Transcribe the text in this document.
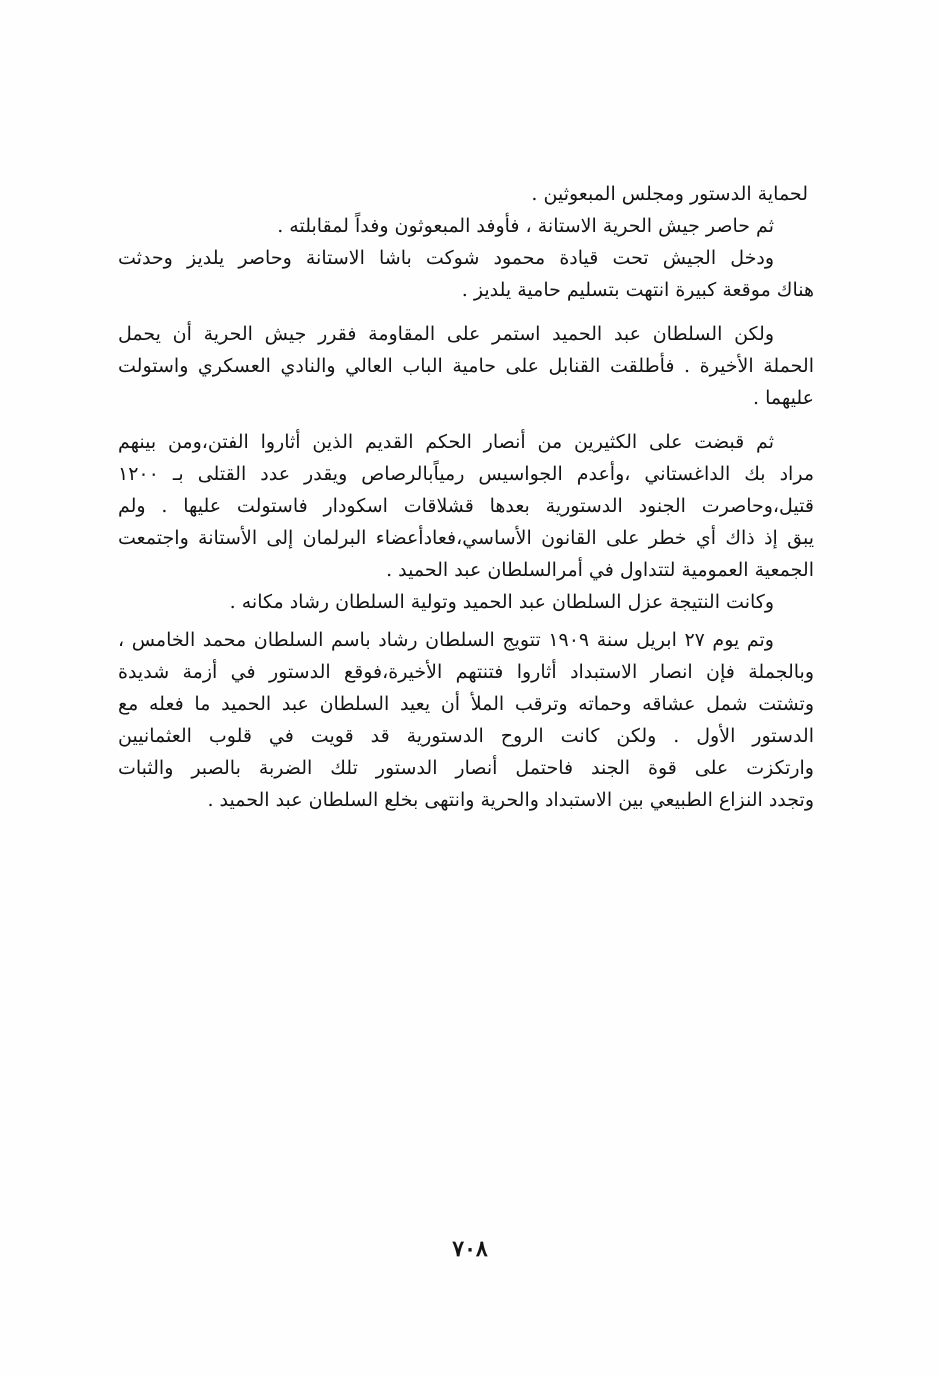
لحماية الدستور ومجلس المبعوثين .
ثم حاصر جيش الحرية الاستانة ، فأوفد المبعوثون وفداً لمقابلته .
ودخل الجيش تحت قيادة محمود شوكت باشا الاستانة وحاصر يلديز وحدثت
هناك موقعة كبيرة انتهت بتسليم حامية يلديز .
ولكن السلطان عبد الحميد استمر على المقاومة فقرر جيش الحرية أن يحمل
الحملة الأخيرة . فأطلقت القنابل على حامية الباب العالي والنادي العسكري واستولت
عليهما .
ثم قبضت على الكثيرين من أنصار الحكم القديم الذين أثاروا الفتن،ومن بينهم
مراد بك الداغستاني ،وأعدم الجواسيس رمياًبالرصاص ويقدر عدد القتلى بـ ١٢٠٠
قتيل،وحاصرت الجنود الدستورية بعدها قشلاقات اسكودار فاستولت عليها . ولم
يبق إذ ذاك أي خطر على القانون الأساسي،فعادأعضاء البرلمان إلى الأستانة واجتمعت
الجمعية العمومية لتتداول في أمرالسلطان عبد الحميد .
وكانت النتيجة عزل السلطان عبد الحميد وتولية السلطان رشاد مكانه .
وتم يوم ٢٧ ابريل سنة ١٩٠٩ تتويج السلطان رشاد باسم السلطان محمد الخامس ،
وبالجملة فإن انصار الاستبداد أثاروا فتنتهم الأخيرة،فوقع الدستور في أزمة شديدة
وتشتت شمل عشاقه وحماته وترقب الملأ أن يعيد السلطان عبد الحميد ما فعله مع
الدستور الأول . ولكن كانت الروح الدستورية قد قويت في قلوب العثمانيين
وارتكزت على قوة الجند فاحتمل أنصار الدستور تلك الضربة بالصبر والثبات
وتجدد النزاع الطبيعي بين الاستبداد والحرية وانتهى بخلع السلطان عبد الحميد .
٧٠٨
